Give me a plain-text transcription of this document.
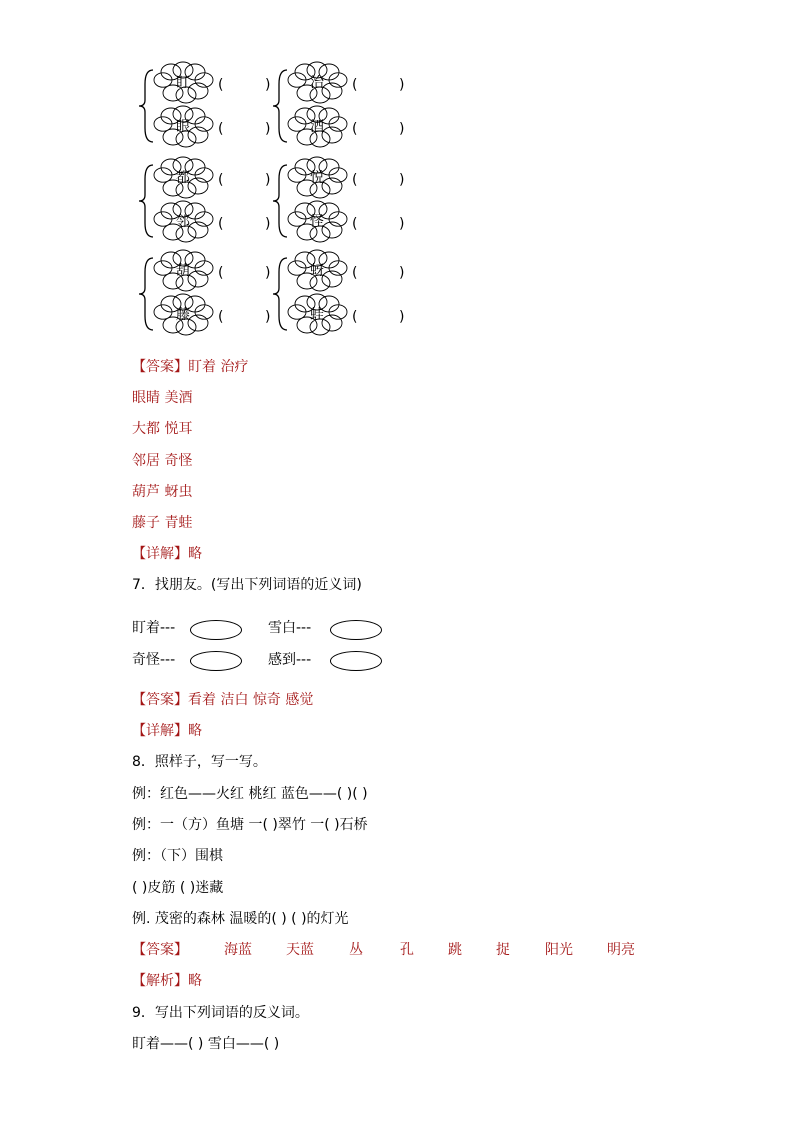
盯	(	)
眼	(	)
治	(	)
酒	(	)
都	(	)
邻	(	)
悦	(	)
怪	(	)
葫	(	)
藤	(	)
蚜	(	)
蛙	(	)
【答案】盯着 治疗
眼睛 美酒
大都 悦耳
邻居 奇怪
葫芦 蚜虫
藤子 青蛙
【详解】略
7．找朋友。(写出下列词语的近义词)
盯着---	雪白---
奇怪---	感到---
【答案】看着 洁白 惊奇 感觉
【详解】略
8．照样子，写一写。
例：红色——火红 桃红 蓝色——( )( )
例：一（方）鱼塘 一( )翠竹 一( )石桥
例：（下）围棋
( )皮筋 ( )迷藏
例. 茂密的森林 温暖的( ) ( )的灯光
【答案】	海蓝 天蓝	丛	孔 跳 捉	阳光 明亮
【解析】略
9．写出下列词语的反义词。
盯着——( ) 雪白——( )
